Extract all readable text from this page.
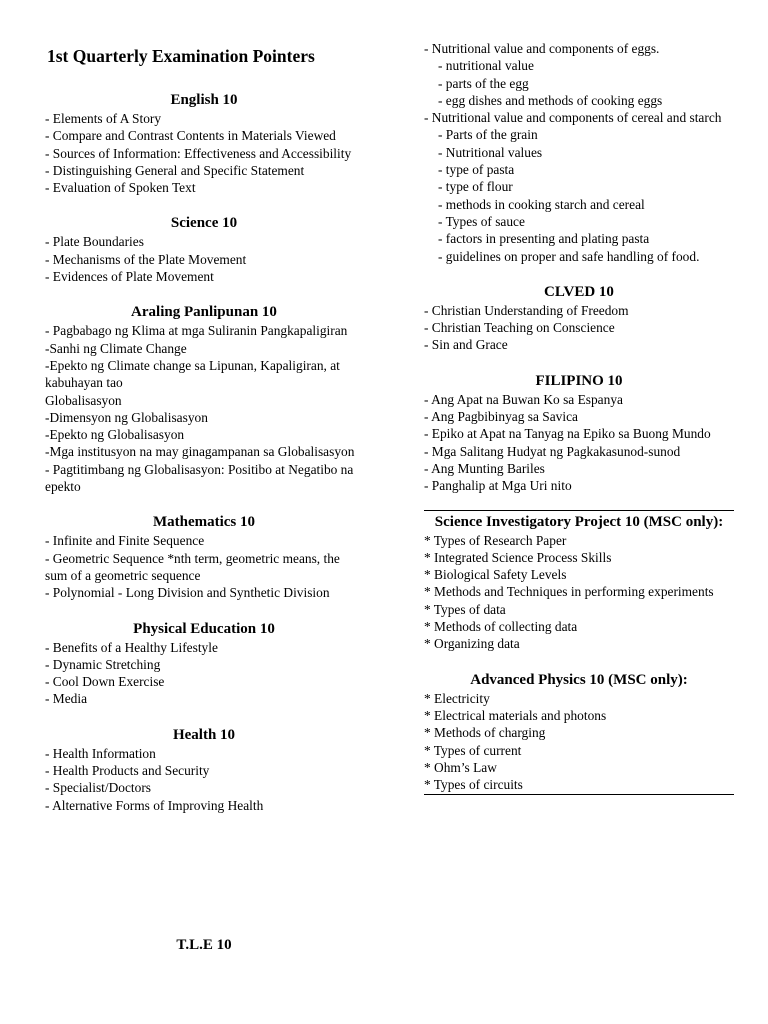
1st Quarterly Examination Pointers
English 10
- Elements of A Story
- Compare and Contrast Contents in Materials Viewed
- Sources of Information: Effectiveness and Accessibility
- Distinguishing General and Specific Statement
- Evaluation of Spoken Text
Science 10
- Plate Boundaries
- Mechanisms of the Plate Movement
- Evidences of Plate Movement
Araling Panlipunan 10
- Pagbabago ng Klima at mga Suliranin Pangkapaligiran
-Sanhi ng Climate Change
-Epekto ng Climate change sa Lipunan, Kapaligiran, at kabuhayan tao
Globalisasyon
-Dimensyon ng Globalisasyon
-Epekto ng Globalisasyon
-Mga institusyon na may ginagampanan sa Globalisasyon
- Pagtitimbang ng Globalisasyon: Positibo at Negatibo na epekto
Mathematics 10
- Infinite and Finite Sequence
- Geometric Sequence *nth term, geometric means, the sum of a geometric sequence
- Polynomial - Long Division and Synthetic Division
Physical Education 10
- Benefits of a Healthy Lifestyle
- Dynamic Stretching
- Cool Down Exercise
- Media
Health 10
- Health Information
- Health Products and Security
- Specialist/Doctors
- Alternative Forms of Improving Health
T.L.E 10
- Nutritional value and components of eggs.
- nutritional value
- parts of the egg
- egg dishes and methods of cooking eggs
- Nutritional value and components of cereal and starch
- Parts of the grain
- Nutritional values
- type of pasta
- type of flour
- methods in cooking starch and cereal
- Types of sauce
- factors in presenting and plating pasta
- guidelines on proper and safe handling of food.
CLVED 10
- Christian Understanding of Freedom
- Christian Teaching on Conscience
- Sin and Grace
FILIPINO 10
- Ang Apat na Buwan Ko sa Espanya
- Ang Pagbibinyag sa Savica
- Epiko at Apat na Tanyag na Epiko sa Buong Mundo
- Mga Salitang Hudyat ng Pagkakasunod-sunod
- Ang Munting Bariles
- Panghalip at Mga Uri nito
Science Investigatory Project 10 (MSC only):
* Types of Research Paper
* Integrated Science Process Skills
* Biological Safety Levels
* Methods and Techniques in performing experiments
* Types of data
* Methods of collecting data
* Organizing data
Advanced Physics 10 (MSC only):
* Electricity
* Electrical materials and photons
* Methods of charging
* Types of current
* Ohm’s Law
* Types of circuits
